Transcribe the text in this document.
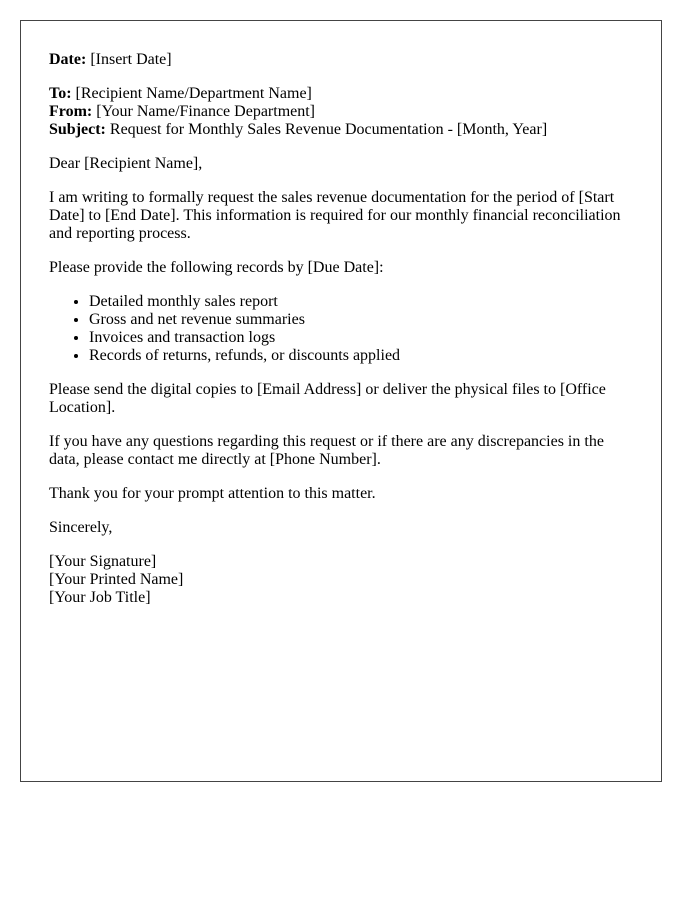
Date: [Insert Date]

To: [Recipient Name/Department Name]
From: [Your Name/Finance Department]
Subject: Request for Monthly Sales Revenue Documentation - [Month, Year]

Dear [Recipient Name],

I am writing to formally request the sales revenue documentation for the period of [Start Date] to [End Date]. This information is required for our monthly financial reconciliation and reporting process.

Please provide the following records by [Due Date]:

• Detailed monthly sales report
• Gross and net revenue summaries
• Invoices and transaction logs
• Records of returns, refunds, or discounts applied

Please send the digital copies to [Email Address] or deliver the physical files to [Office Location].

If you have any questions regarding this request or if there are any discrepancies in the data, please contact me directly at [Phone Number].

Thank you for your prompt attention to this matter.

Sincerely,

[Your Signature]
[Your Printed Name]
[Your Job Title]
